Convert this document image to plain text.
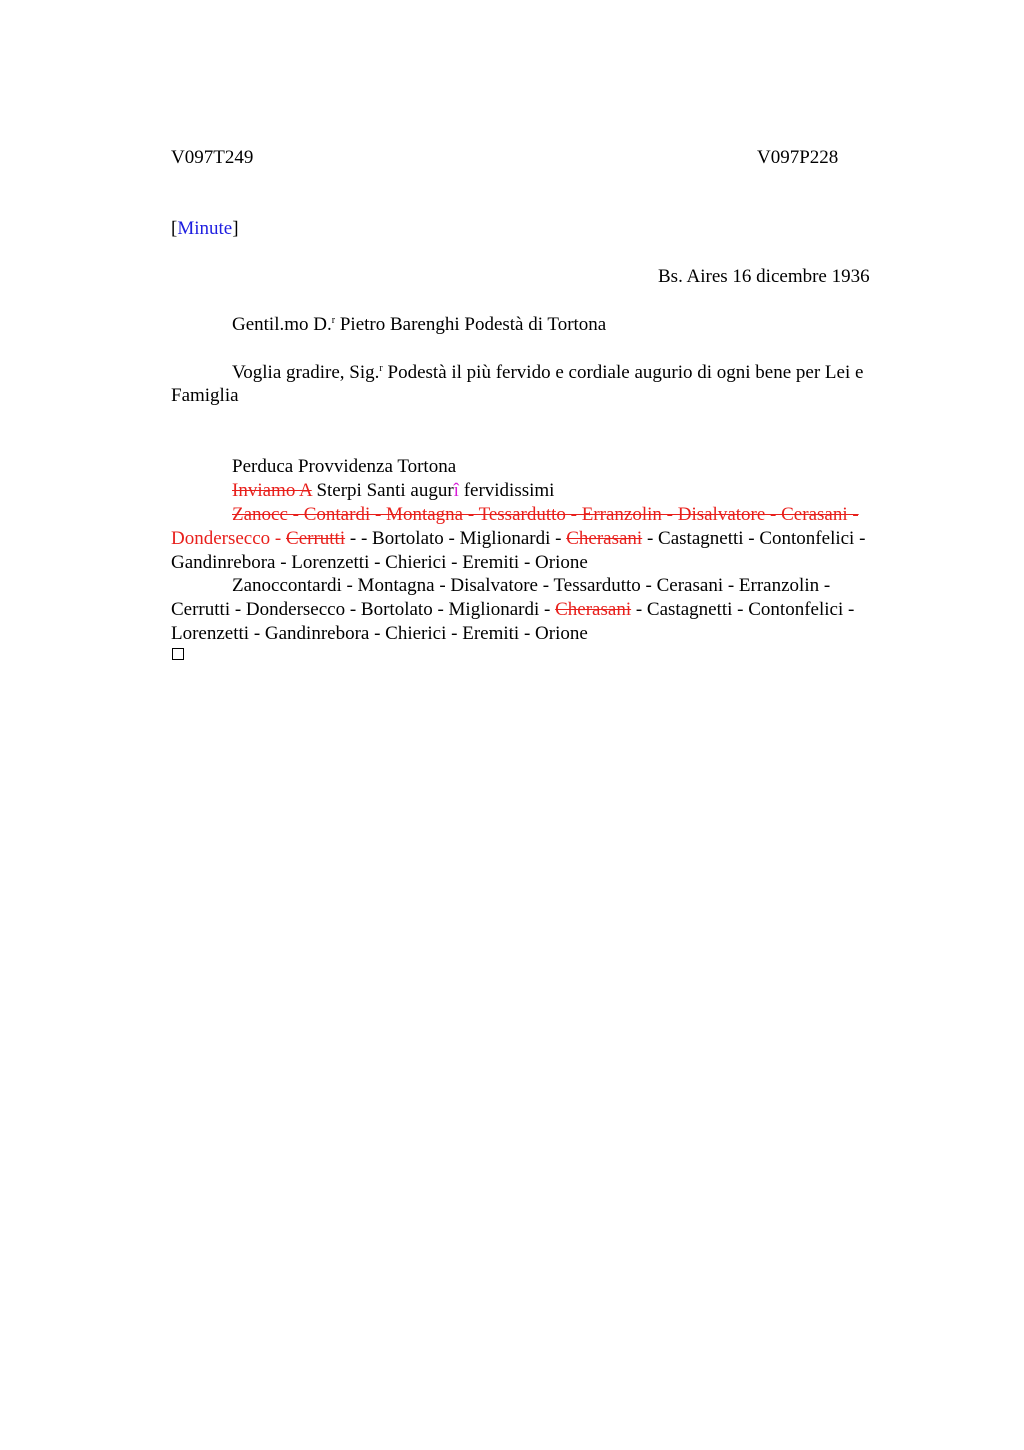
V097T249	V097P228
[Minute]
Bs. Aires 16 dicembre 1936
Gentil.mo D.$^r$ Pietro Barenghi Podestà di Tortona
Voglia gradire, Sig.$^r$ Podestà il più fervido e cordiale augurio di ogni bene per Lei e
Famiglia
Perduca Provvidenza Tortona
Inviamo A Sterpi Santi augurî fervidissimi
Zanocc - Contardi - Montagna - Tessardutto - Erranzolin - Disalvatore - Cerasani -
Dondersecco - Cerrutti - - Bortolato - Miglionardi - Cherasani - Castagnetti - Contonfelici -
Gandinrebora - Lorenzetti - Chierici - Eremiti - Orione
Zanoccontardi - Montagna - Disalvatore - Tessardutto - Cerasani - Erranzolin -
Cerrutti - Dondersecco - Bortolato - Miglionardi - Cherasani - Castagnetti - Contonfelici -
Lorenzetti - Gandinrebora - Chierici - Eremiti - Orione
